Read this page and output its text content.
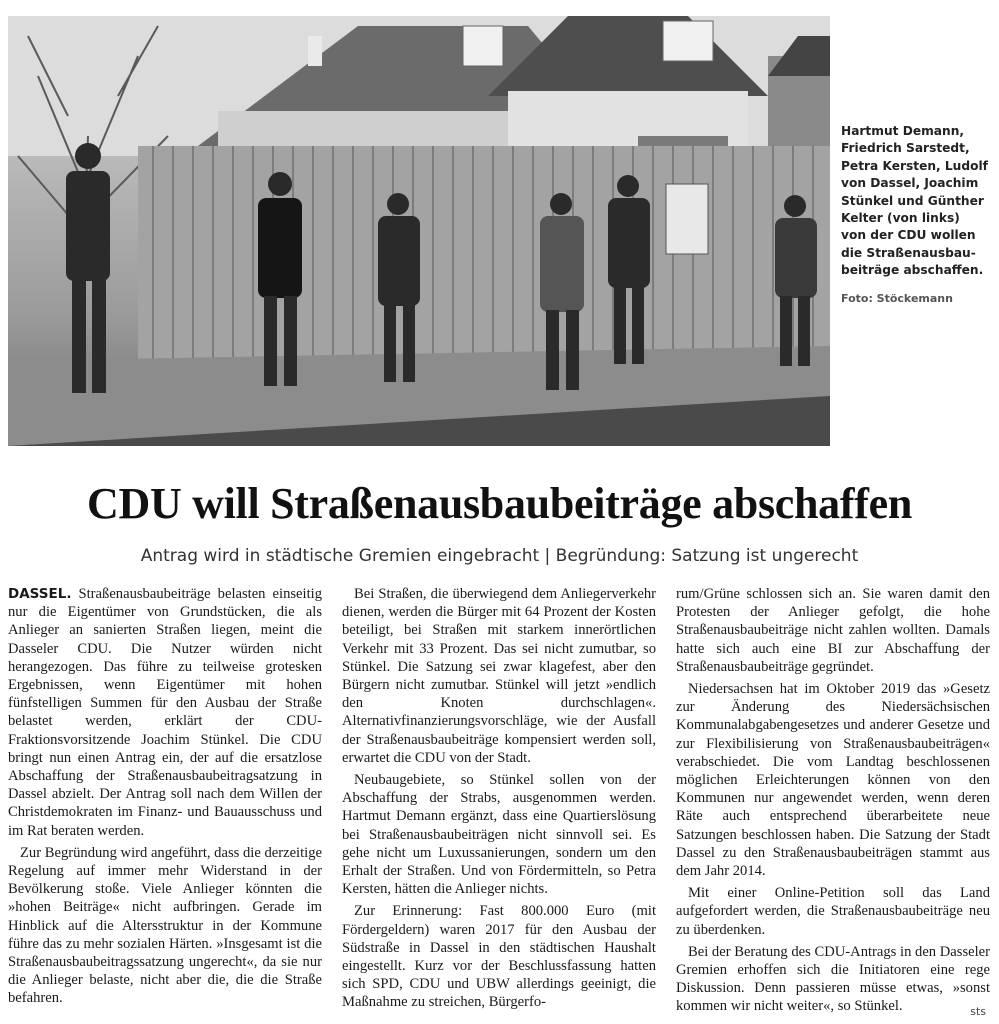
Hartmut Demann,
Friedrich Sarstedt,
Petra Kersten, Ludolf
von Dassel, Joachim
Stünkel und Günther
Kelter (von links)
von der CDU wollen
die Straßenausbau-
beiträge abschaffen.
Foto: Stöckemann
CDU will Straßenausbaubeiträge abschaffen
Antrag wird in städtische Gremien eingebracht | Begründung: Satzung ist ungerecht

DASSEL. Straßenausbaubeiträge belasten einseitig nur die Eigentümer von Grundstücken, die als Anlieger an sanierten Straßen liegen, meint die Dasseler CDU. Die Nutzer würden nicht herangezogen. Das führe zu teilweise grotesken Ergebnissen, wenn Eigentümer mit hohen fünfstelligen Summen für den Ausbau der Straße belastet werden, erklärt der CDU-Fraktionsvorsitzende Joachim Stünkel. Die CDU bringt nun einen Antrag ein, der auf die ersatzlose Abschaffung der Straßenausbaubeitragsatzung in Dassel abzielt. Der Antrag soll nach dem Willen der Christdemokraten im Finanz- und Bauausschuss und im Rat beraten werden.

Zur Begründung wird angeführt, dass die derzeitige Regelung auf immer mehr Widerstand in der Bevölkerung stoße. Viele Anlieger könnten die »hohen Beiträge« nicht aufbringen. Gerade im Hinblick auf die Altersstruktur in der Kommune führe das zu mehr sozialen Härten. »Insgesamt ist die Straßenausbaubeitragssatzung ungerecht«, da sie nur die Anlieger belaste, nicht aber die, die die Straße befahren.

Bei Straßen, die überwiegend dem Anliegerverkehr dienen, werden die Bürger mit 64 Prozent der Kosten beteiligt, bei Straßen mit starkem innerörtlichen Verkehr mit 33 Prozent. Das sei nicht zumutbar, so Stünkel. Die Satzung sei zwar klagefest, aber den Bürgern nicht zumutbar. Stünkel will jetzt »endlich den Knoten durchschlagen«. Alternativfinanzierungsvorschläge, wie der Ausfall der Straßenausbaubeiträge kompensiert werden soll, erwartet die CDU von der Stadt.

Neubaugebiete, so Stünkel sollen von der Abschaffung der Strabs, ausgenommen werden. Hartmut Demann ergänzt, dass eine Quartierslösung bei Straßenausbaubeiträgen nicht sinnvoll sei. Es gehe nicht um Luxussanierungen, sondern um den Erhalt der Straßen. Und von Fördermitteln, so Petra Kersten, hätten die Anlieger nichts.

Zur Erinnerung: Fast 800.000 Euro (mit Fördergeldern) waren 2017 für den Ausbau der Südstraße in Dassel in den städtischen Haushalt eingestellt. Kurz vor der Beschlussfassung hatten sich SPD, CDU und UBW allerdings geeinigt, die Maßnahme zu streichen, Bürgerfo-

rum/Grüne schlossen sich an. Sie waren damit den Protesten der Anlieger gefolgt, die hohe Straßenausbaubeiträge nicht zahlen wollten. Damals hatte sich auch eine BI zur Abschaffung der Straßenausbaubeiträge gegründet.

Niedersachsen hat im Oktober 2019 das »Gesetz zur Änderung des Niedersächsischen Kommunalabgabengesetzes und anderer Gesetze und zur Flexibilisierung von Straßenausbaubeiträgen« verabschiedet. Die vom Landtag beschlossenen möglichen Erleichterungen können von den Kommunen nur angewendet werden, wenn deren Räte auch entsprechend überarbeitete neue Satzungen beschlossen haben. Die Satzung der Stadt Dassel zu den Straßenausbaubeiträgen stammt aus dem Jahr 2014.

Mit einer Online-Petition soll das Land aufgefordert werden, die Straßenausbaubeiträge neu zu überdenken.

Bei der Beratung des CDU-Antrags in den Dasseler Gremien erhoffen sich die Initiatoren eine rege Diskussion. Denn passieren müsse etwas, »sonst kommen wir nicht weiter«, so Stünkel.	sts
